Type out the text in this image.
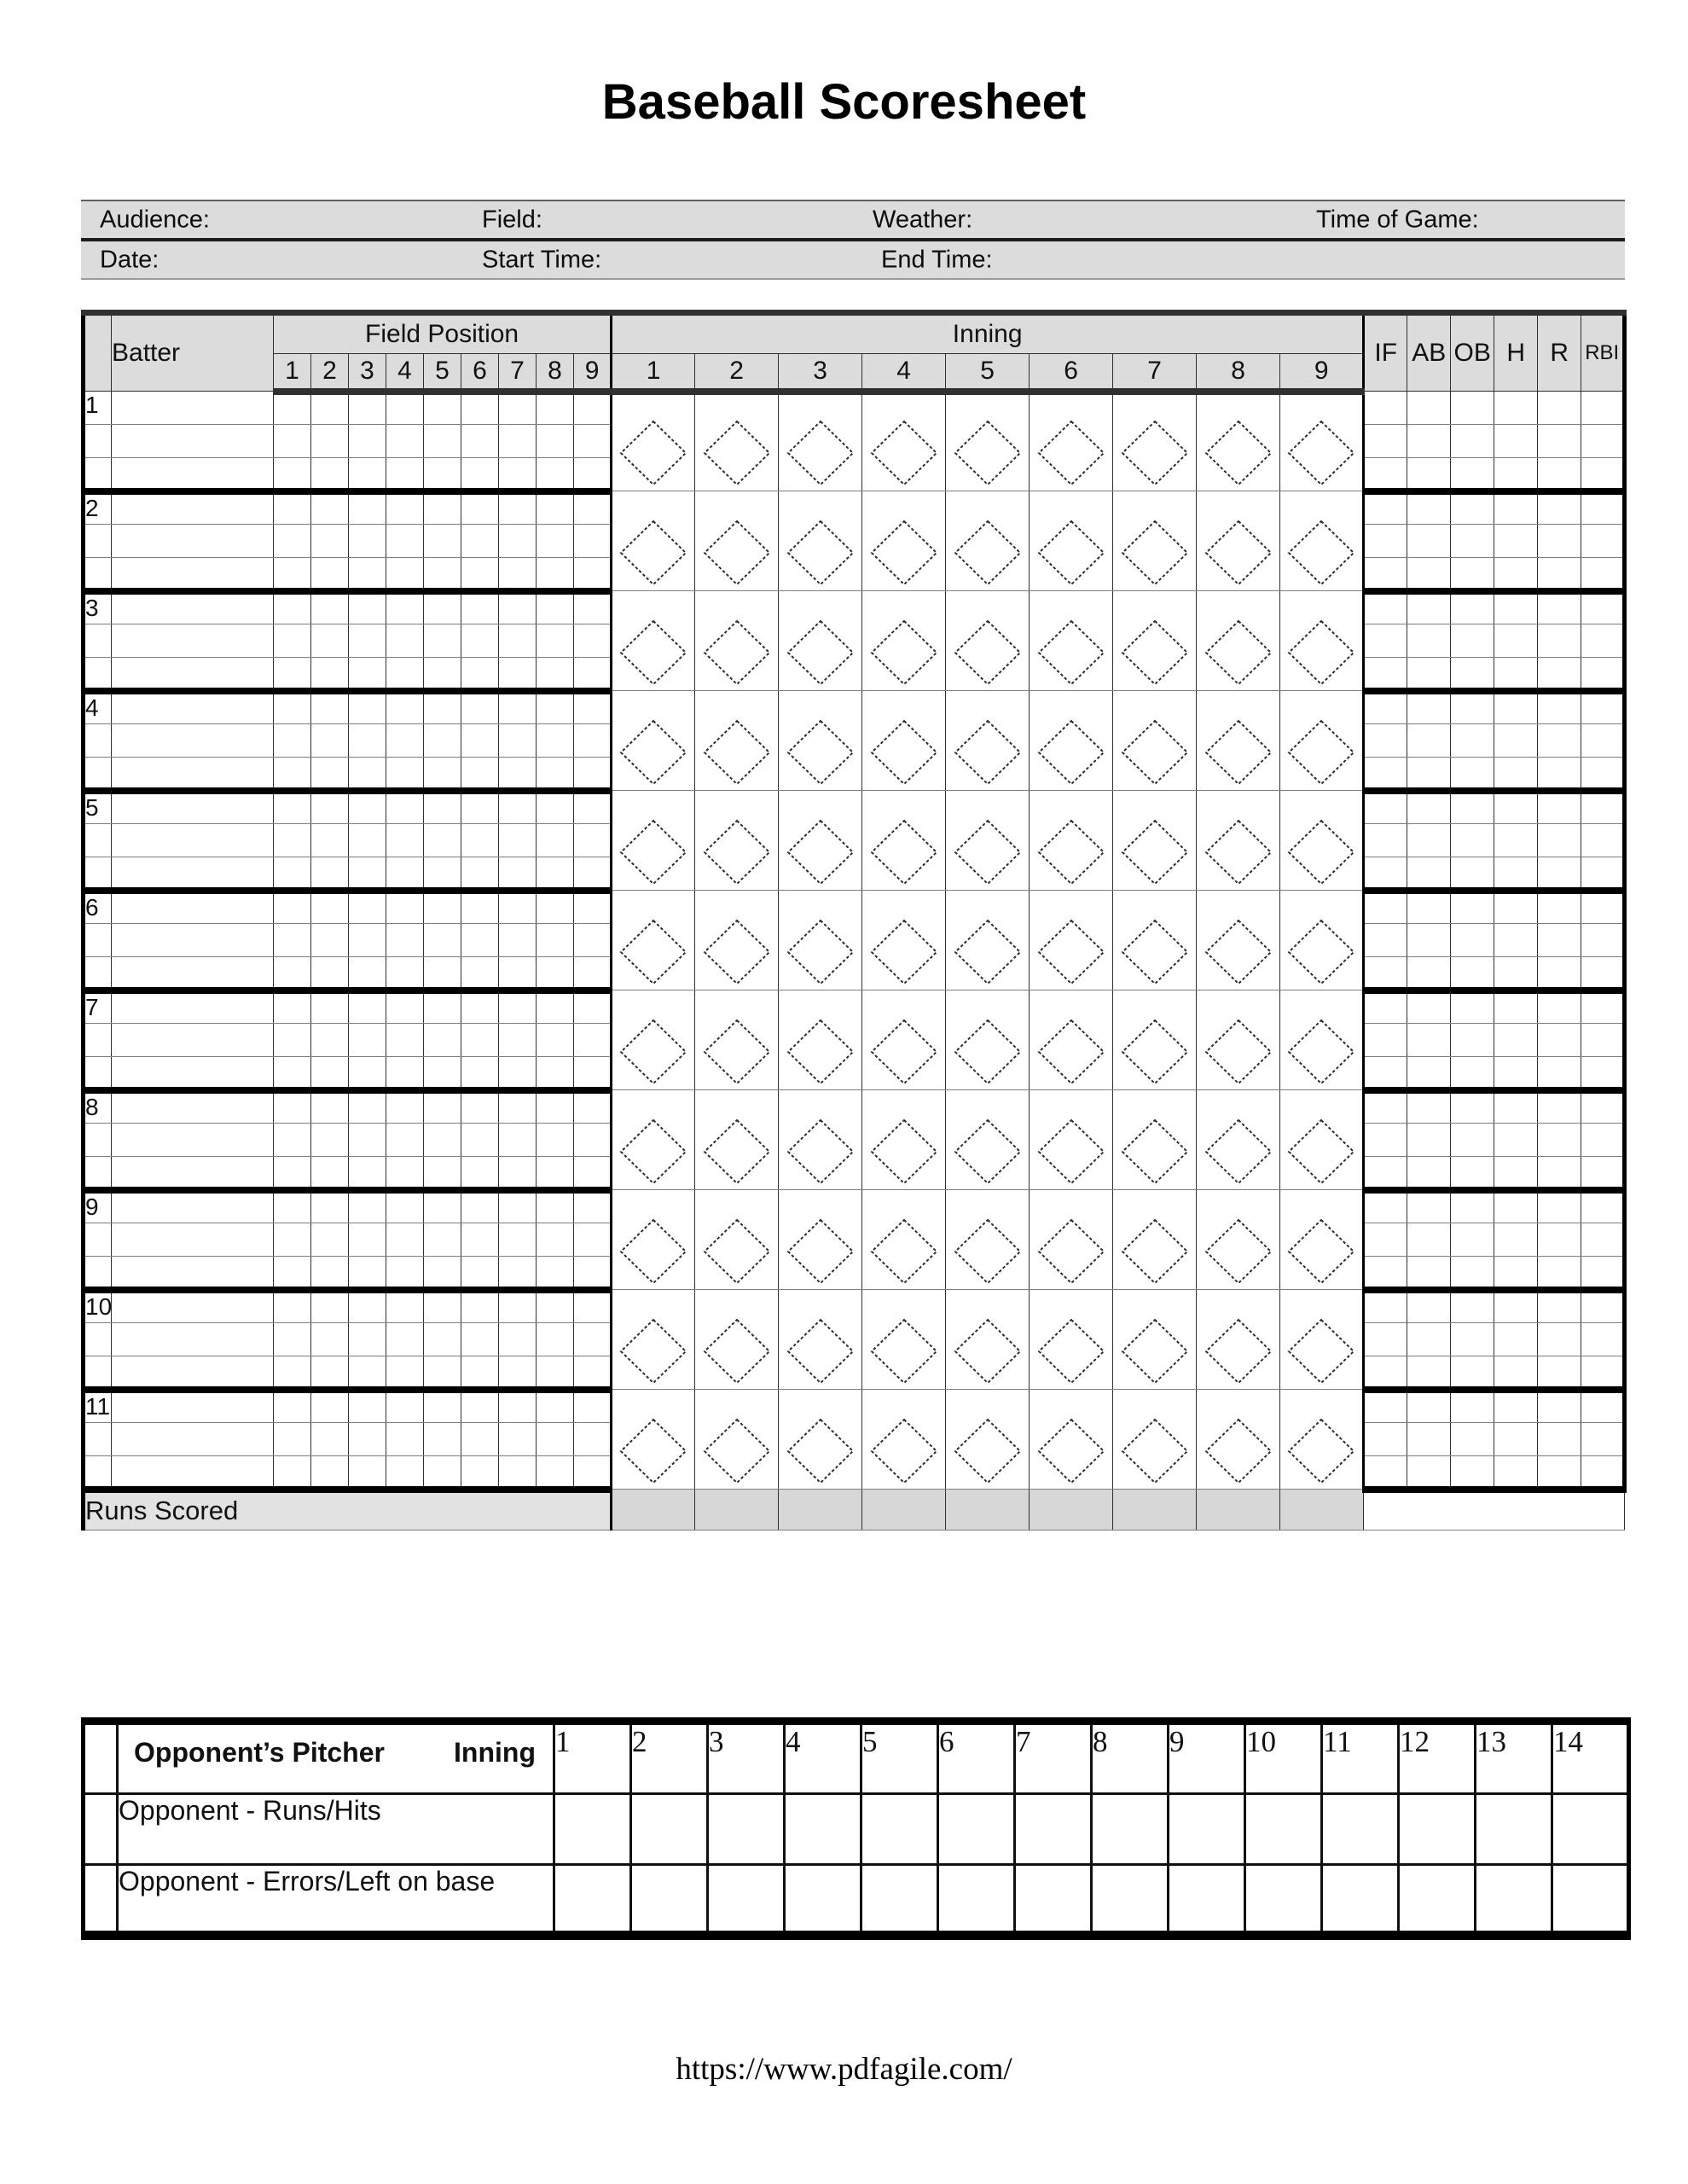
Baseball Scoresheet
Audience:	Field:	Weather:	Time of Game:
Date:	Start Time:	End Time:
	Batter	Field Position									Inning									IF	AB	OB	H	R	RBI
		1	2	3	4	5	6	7	8	9	1	2	3	4	5	6	7	8	9						
1											

2											

3											

4											

5											

6											

7											

8											

9											

10											

11											

Runs Scored																									

	Opponent’s Pitcher Inning	1	2	3	4	5	6	7	8	9	10	11	12	13	14
	Opponent - Runs/Hits														
	Opponent - Errors/Left on base														
https://www.pdfagile.com/
